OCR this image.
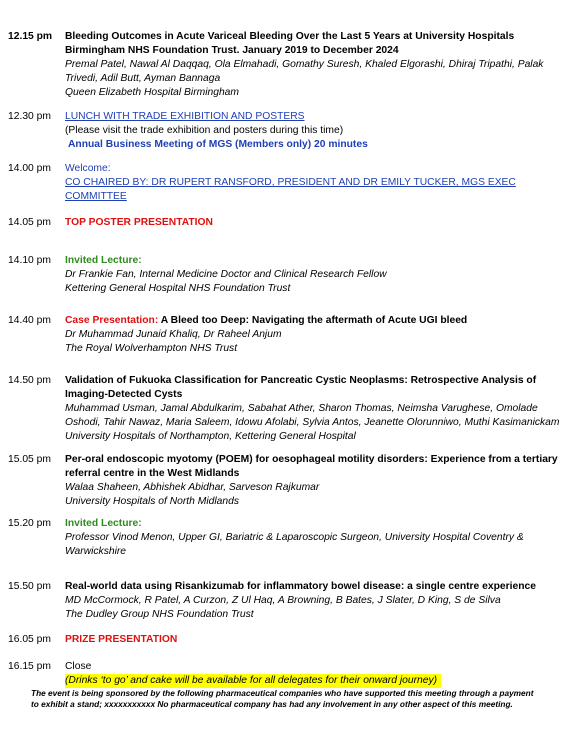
12.15 pm	Bleeding Outcomes in Acute Variceal Bleeding Over the Last 5 Years at University Hospitals Birmingham NHS Foundation Trust. January 2019 to December 2024
Premal Patel, Nawal Al Daqqaq, Ola Elmahadi, Gomathy Suresh, Khaled Elgorashi, Dhiraj Tripathi, Palak Trivedi, Adil Butt, Ayman Bannaga
Queen Elizabeth Hospital Birmingham
12.30 pm	LUNCH WITH TRADE EXHIBITION AND POSTERS
(Please visit the trade exhibition and posters during this time)
Annual Business Meeting of MGS (Members only) 20 minutes
14.00 pm	Welcome:
CO CHAIRED BY: DR RUPERT RANSFORD, PRESIDENT AND DR EMILY TUCKER, MGS EXEC COMMITTEE
14.05 pm	TOP POSTER PRESENTATION
14.10 pm	Invited Lecture:
Dr Frankie Fan, Internal Medicine Doctor and Clinical Research Fellow
Kettering General Hospital NHS Foundation Trust
14.40 pm	Case Presentation: A Bleed too Deep: Navigating the aftermath of Acute UGI bleed
Dr Muhammad Junaid Khaliq, Dr Raheel Anjum
The Royal Wolverhampton NHS Trust
14.50 pm	Validation of Fukuoka Classification for Pancreatic Cystic Neoplasms: Retrospective Analysis of Imaging-Detected Cysts
Muhammad Usman, Jamal Abdulkarim, Sabahat Ather, Sharon Thomas, Neimsha Varughese, Omolade Oshodi, Tahir Nawaz, Maria Saleem, Idowu Afolabi, Sylvia Antos, Jeanette Olorunniwo, Muthi Kasimanickam
University Hospitals of Northampton, Kettering General Hospital
15.05 pm	Per-oral endoscopic myotomy (POEM) for oesophageal motility disorders: Experience from a tertiary referral centre in the West Midlands
Walaa Shaheen, Abhishek Abidhar, Sarveson Rajkumar
University Hospitals of North Midlands
15.20 pm	Invited Lecture:
Professor Vinod Menon, Upper GI, Bariatric & Laparoscopic Surgeon, University Hospital Coventry & Warwickshire
15.50 pm	Real-world data using Risankizumab for inflammatory bowel disease: a single centre experience
MD McCormock, R Patel, A Curzon, Z Ul Haq, A Browning, B Bates, J Slater, D King, S de Silva
The Dudley Group NHS Foundation Trust
16.05 pm	PRIZE PRESENTATION
16.15 pm	Close
(Drinks ‘to go’ and cake will be available for all delegates for their onward journey)
The event is being sponsored by the following pharmaceutical companies who have supported this meeting through a payment to exhibit a stand; xxxxxxxxxxx No pharmaceutical company has had any involvement in any other aspect of this meeting.
